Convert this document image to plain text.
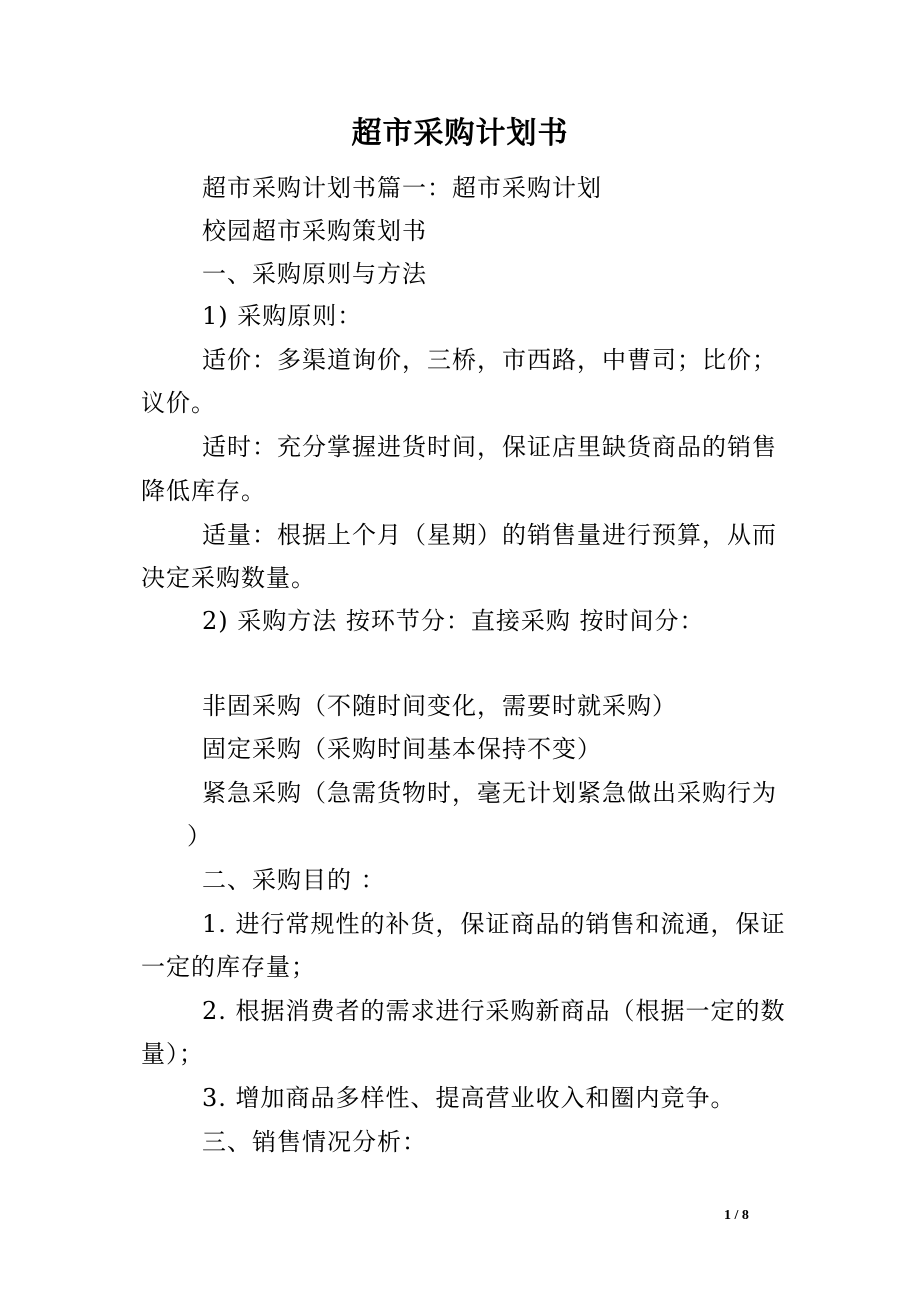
超市采购计划书
超市采购计划书篇一：超市采购计划
校园超市采购策划书
一、采购原则与方法
1) 采购原则：
适价：多渠道询价，三桥，市西路，中曹司；比价；
议价。
适时：充分掌握进货时间，保证店里缺货商品的销售
降低库存。
适量：根据上个月（星期）的销售量进行预算，从而
决定采购数量。
2) 采购方法 按环节分：直接采购 按时间分：
非固采购（不随时间变化，需要时就采购）
固定采购（采购时间基本保持不变）
紧急采购（急需货物时，毫无计划紧急做出采购行为
）
二、采购目的 ：
1. 进行常规性的补货，保证商品的销售和流通，保证
一定的库存量；
2. 根据消费者的需求进行采购新商品（根据一定的数
量）；
3. 增加商品多样性、提高营业收入和圈内竞争。
三、销售情况分析：
1 / 8
